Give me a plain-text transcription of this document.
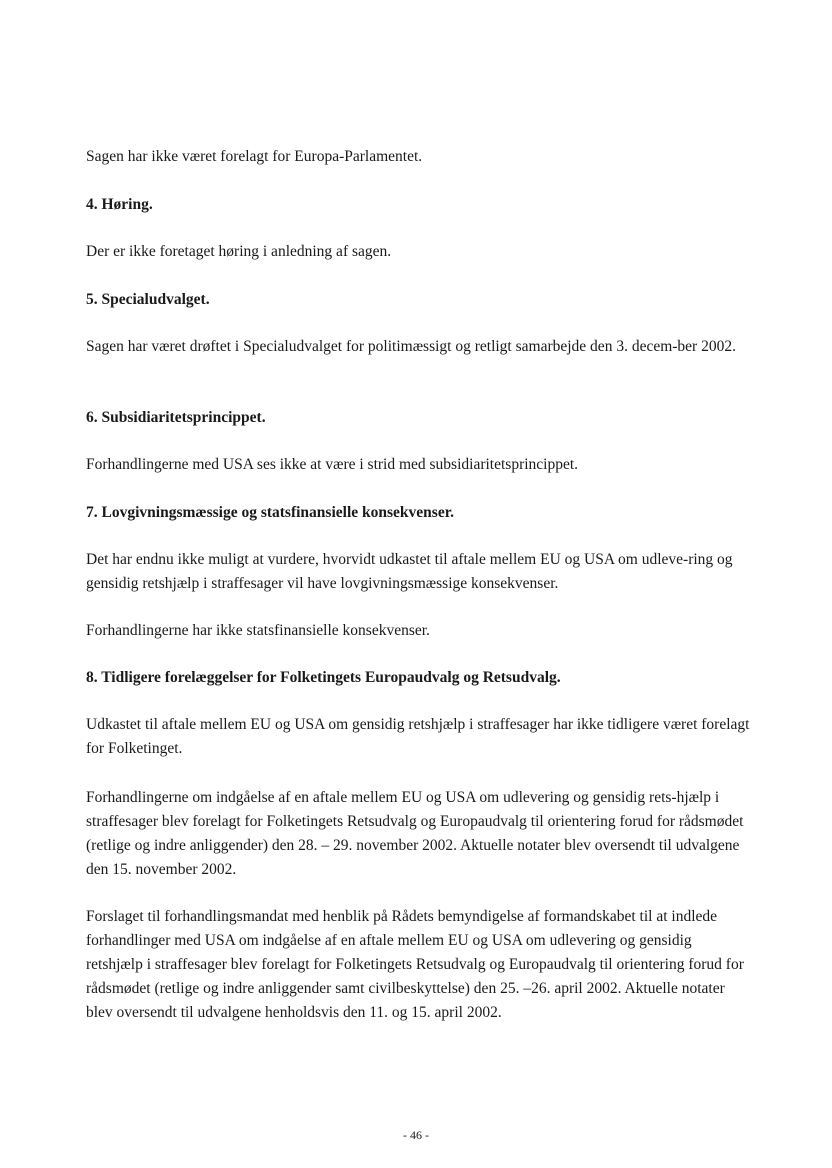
Sagen har ikke været forelagt for Europa-Parlamentet.

4. Høring.

Der er ikke foretaget høring i anledning af sagen.

5. Specialudvalget.

Sagen har været drøftet i Specialudvalget for politimæssigt og retligt samarbejde den 3. decem-ber 2002.

6. Subsidiaritetsprincippet.

Forhandlingerne med USA ses ikke at være i strid med subsidiaritetsprincippet.

7. Lovgivningsmæssige og statsfinansielle konsekvenser.

Det har endnu ikke muligt at vurdere, hvorvidt udkastet til aftale mellem EU og USA om udleve-ring og gensidig retshjælp i straffesager vil have lovgivningsmæssige konsekvenser.

Forhandlingerne har ikke statsfinansielle konsekvenser.

8. Tidligere forelæggelser for Folketingets Europaudvalg og Retsudvalg.

Udkastet til aftale mellem EU og USA om gensidig retshjælp i straffesager har ikke tidligere været forelagt for Folketinget.

Forhandlingerne om indgåelse af en aftale mellem EU og USA om udlevering og gensidig rets-hjælp i straffesager blev forelagt for Folketingets Retsudvalg og Europaudvalg til orientering forud for rådsmødet (retlige og indre anliggender) den 28. – 29. november 2002. Aktuelle notater blev oversendt til udvalgene den 15. november 2002.

Forslaget til forhandlingsmandat med henblik på Rådets bemyndigelse af formandskabet til at indlede forhandlinger med USA om indgåelse af en aftale mellem EU og USA om udlevering og gensidig retshjælp i straffesager blev forelagt for Folketingets Retsudvalg og Europaudvalg til orientering forud for rådsmødet (retlige og indre anliggender samt civilbeskyttelse) den 25. –26. april 2002. Aktuelle notater blev oversendt til udvalgene henholdsvis den 11. og 15. april 2002.

- 46 -
